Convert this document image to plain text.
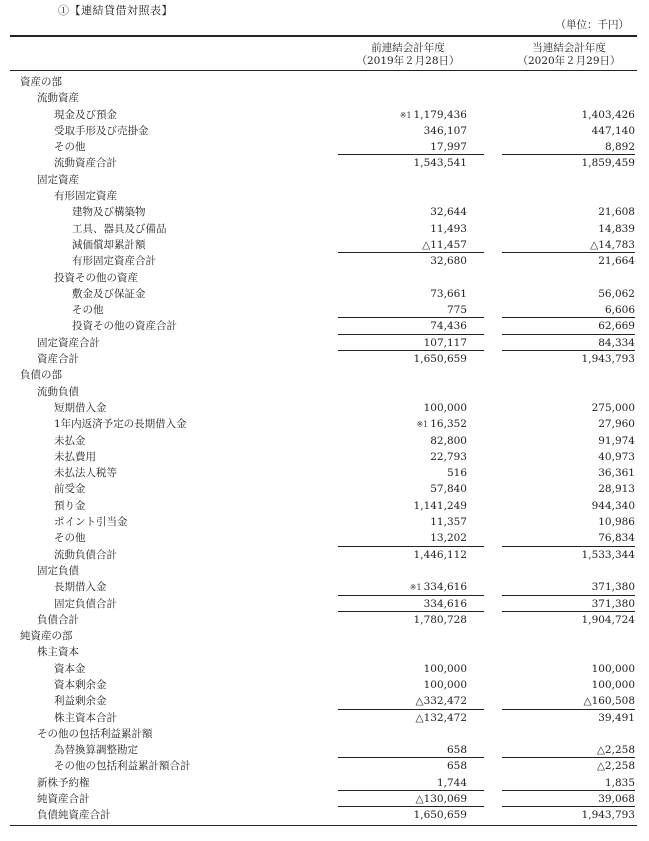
①【連結貸借対照表】
（単位：千円）
前連結会計年度
（2019年２月28日）
当連結会計年度
（2020年２月29日）
資産の部
流動資産
現金及び預金	※1 1,179,436	1,403,426
受取手形及び売掛金	346,107	447,140
その他	17,997	8,892
流動資産合計	1,543,541	1,859,459
固定資産
有形固定資産
建物及び構築物	32,644	21,608
工具、器具及び備品	11,493	14,839
減価償却累計額	△11,457	△14,783
有形固定資産合計	32,680	21,664
投資その他の資産
敷金及び保証金	73,661	56,062
その他	775	6,606
投資その他の資産合計	74,436	62,669
固定資産合計	107,117	84,334
資産合計	1,650,659	1,943,793
負債の部
流動負債
短期借入金	100,000	275,000
1年内返済予定の長期借入金	※1 16,352	27,960
未払金	82,800	91,974
未払費用	22,793	40,973
未払法人税等	516	36,361
前受金	57,840	28,913
預り金	1,141,249	944,340
ポイント引当金	11,357	10,986
その他	13,202	76,834
流動負債合計	1,446,112	1,533,344
固定負債
長期借入金	※1 334,616	371,380
固定負債合計	334,616	371,380
負債合計	1,780,728	1,904,724
純資産の部
株主資本
資本金	100,000	100,000
資本剰余金	100,000	100,000
利益剰余金	△332,472	△160,508
株主資本合計	△132,472	39,491
その他の包括利益累計額
為替換算調整勘定	658	△2,258
その他の包括利益累計額合計	658	△2,258
新株予約権	1,744	1,835
純資産合計	△130,069	39,068
負債純資産合計	1,650,659	1,943,793
